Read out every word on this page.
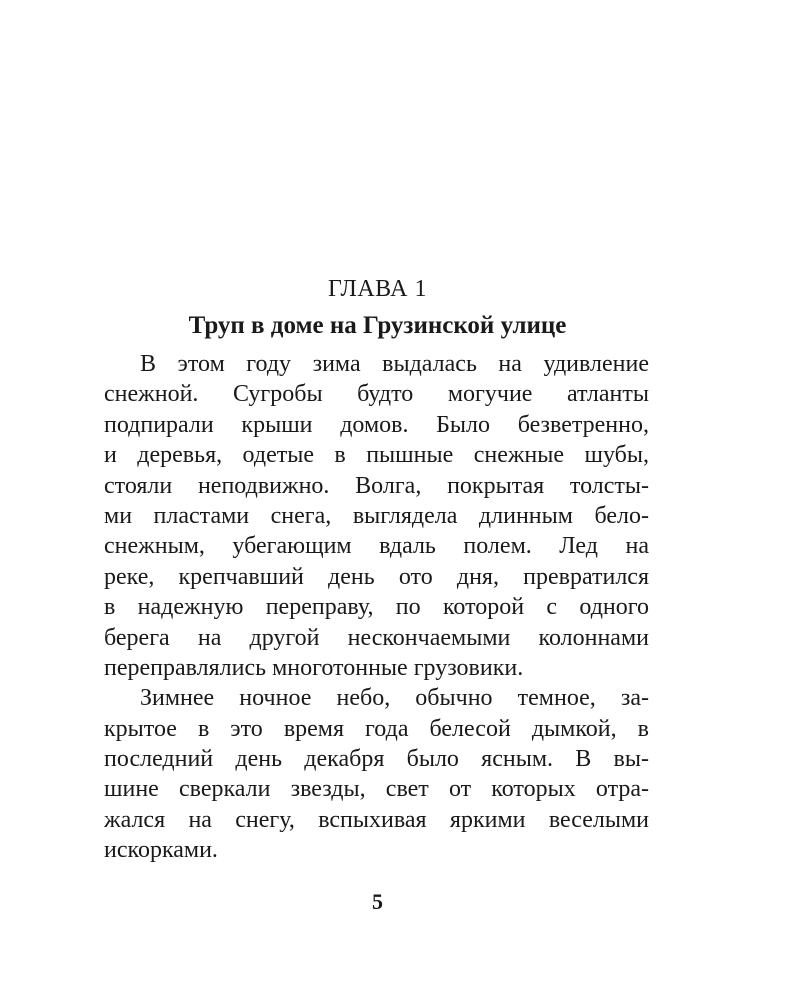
ГЛАВА 1
Труп в доме на Грузинской улице
В этом году зима выдалась на удивление
снежной. Сугробы будто могучие атланты
подпирали крыши домов. Было безветренно,
и деревья, одетые в пышные снежные шубы,
стояли неподвижно. Волга, покрытая толсты-
ми пластами снега, выглядела длинным бело-
снежным, убегающим вдаль полем. Лед на
реке, крепчавший день ото дня, превратился
в надежную переправу, по которой с одного
берега на другой нескончаемыми колоннами
переправлялись многотонные грузовики.
Зимнее ночное небо, обычно темное, за-
крытое в это время года белесой дымкой, в
последний день декабря было ясным. В вы-
шине сверкали звезды, свет от которых отра-
жался на снегу, вспыхивая яркими веселыми
искорками.
5
